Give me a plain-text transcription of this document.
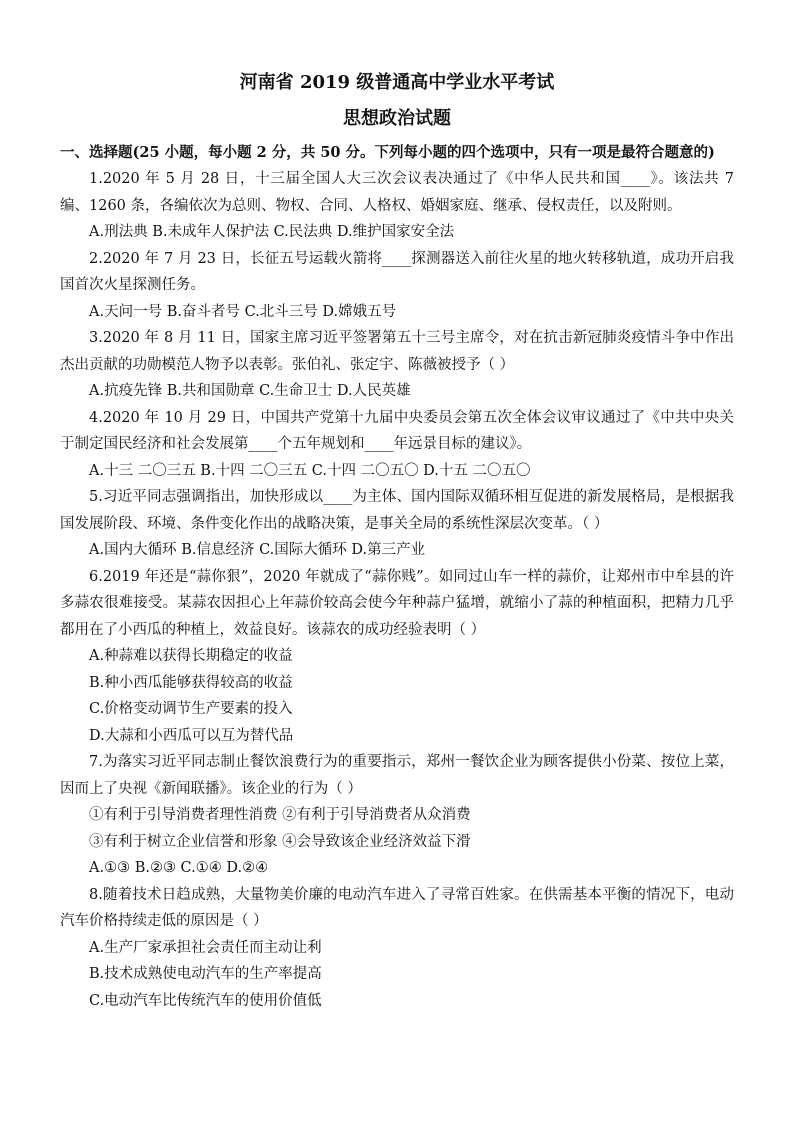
河南省 2019 级普通高中学业水平考试
思想政治试题

一、选择题(25 小题，每小题 2 分，共 50 分。下列每小题的四个选项中，只有一项是最符合题意的)

1.2020 年 5 月 28 日，十三届全国人大三次会议表决通过了《中华人民共和国____》。该法共 7 编、1260 条，各编依次为总则、物权、合同、人格权、婚姻家庭、继承、侵权责任，以及附则。

A.刑法典 B.未成年人保护法 C.民法典 D.维护国家安全法

2.2020 年 7 月 23 日，长征五号运载火箭将____探测器送入前往火星的地火转移轨道，成功开启我国首次火星探测任务。

A.天问一号 B.奋斗者号 C.北斗三号 D.嫦娥五号

3.2020 年 8 月 11 日，国家主席习近平签署第五十三号主席令，对在抗击新冠肺炎疫情斗争中作出杰出贡献的功勋模范人物予以表彰。张伯礼、张定宇、陈薇被授予（ ）

A.抗疫先锋 B.共和国勋章 C.生命卫士 D.人民英雄

4.2020 年 10 月 29 日，中国共产党第十九届中央委员会第五次全体会议审议通过了《中共中央关于制定国民经济和社会发展第____个五年规划和____年远景目标的建议》。

A.十三 二〇三五 B.十四 二〇三五 C.十四 二〇五〇 D.十五 二〇五〇

5.习近平同志强调指出，加快形成以____为主体、国内国际双循环相互促进的新发展格局，是根据我国发展阶段、环境、条件变化作出的战略决策，是事关全局的系统性深层次变革。（ ）

A.国内大循环 B.信息经济 C.国际大循环 D.第三产业

6.2019 年还是“蒜你狠”，2020 年就成了“蒜你贱”。如同过山车一样的蒜价，让郑州市中牟县的许多蒜农很难接受。某蒜农因担心上年蒜价较高会使今年种蒜户猛增，就缩小了蒜的种植面积，把精力几乎都用在了小西瓜的种植上，效益良好。该蒜农的成功经验表明（ ）

A.种蒜难以获得长期稳定的收益

B.种小西瓜能够获得较高的收益

C.价格变动调节生产要素的投入

D.大蒜和小西瓜可以互为替代品

7.为落实习近平同志制止餐饮浪费行为的重要指示，郑州一餐饮企业为顾客提供小份菜、按位上菜，因而上了央视《新闻联播》。该企业的行为（ ）

①有利于引导消费者理性消费 ②有利于引导消费者从众消费

③有利于树立企业信誉和形象 ④会导致该企业经济效益下滑

A.①③ B.②③ C.①④ D.②④

8.随着技术日趋成熟，大量物美价廉的电动汽车进入了寻常百姓家。在供需基本平衡的情况下，电动汽车价格持续走低的原因是（ ）

A.生产厂家承担社会责任而主动让利

B.技术成熟使电动汽车的生产率提高

C.电动汽车比传统汽车的使用价值低
